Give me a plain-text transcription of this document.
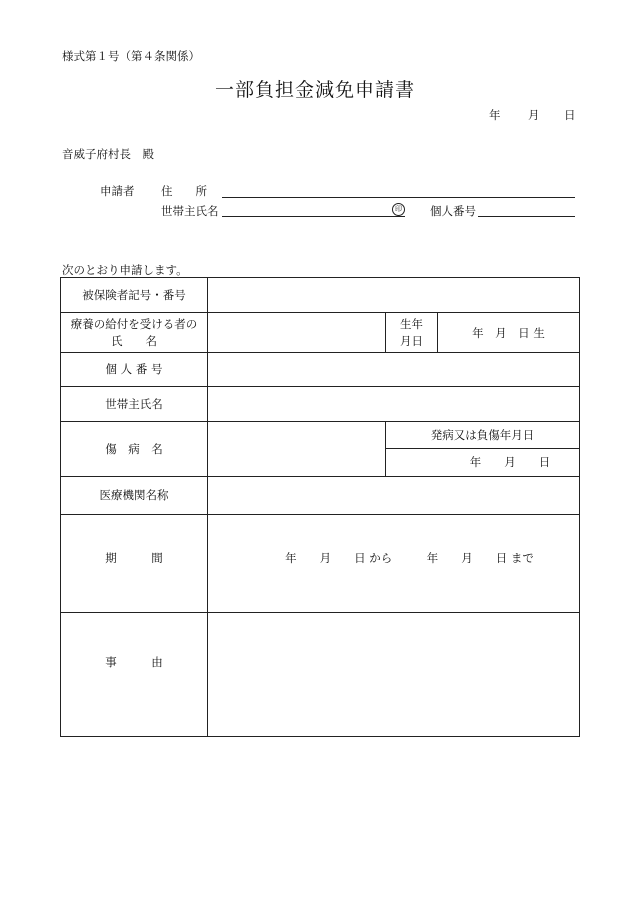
様式第１号（第４条関係）
一部負担金減免申請書
年 月 日
音威子府村長　殿
申請者 住　　所
世帯主氏名	印 個人番号
次のとおり申請します。
被保険者記号・番号
療養の給付を受ける者の
氏　　名
生年
月日
年　月　日 生
個 人 番 号
世帯主氏名
傷　病　名
発病又は負傷年月日
年　　月　　日
医療機関名称
期　　　間	年　　月　　日 から　　　年　　月　　日 まで
事　　　由
